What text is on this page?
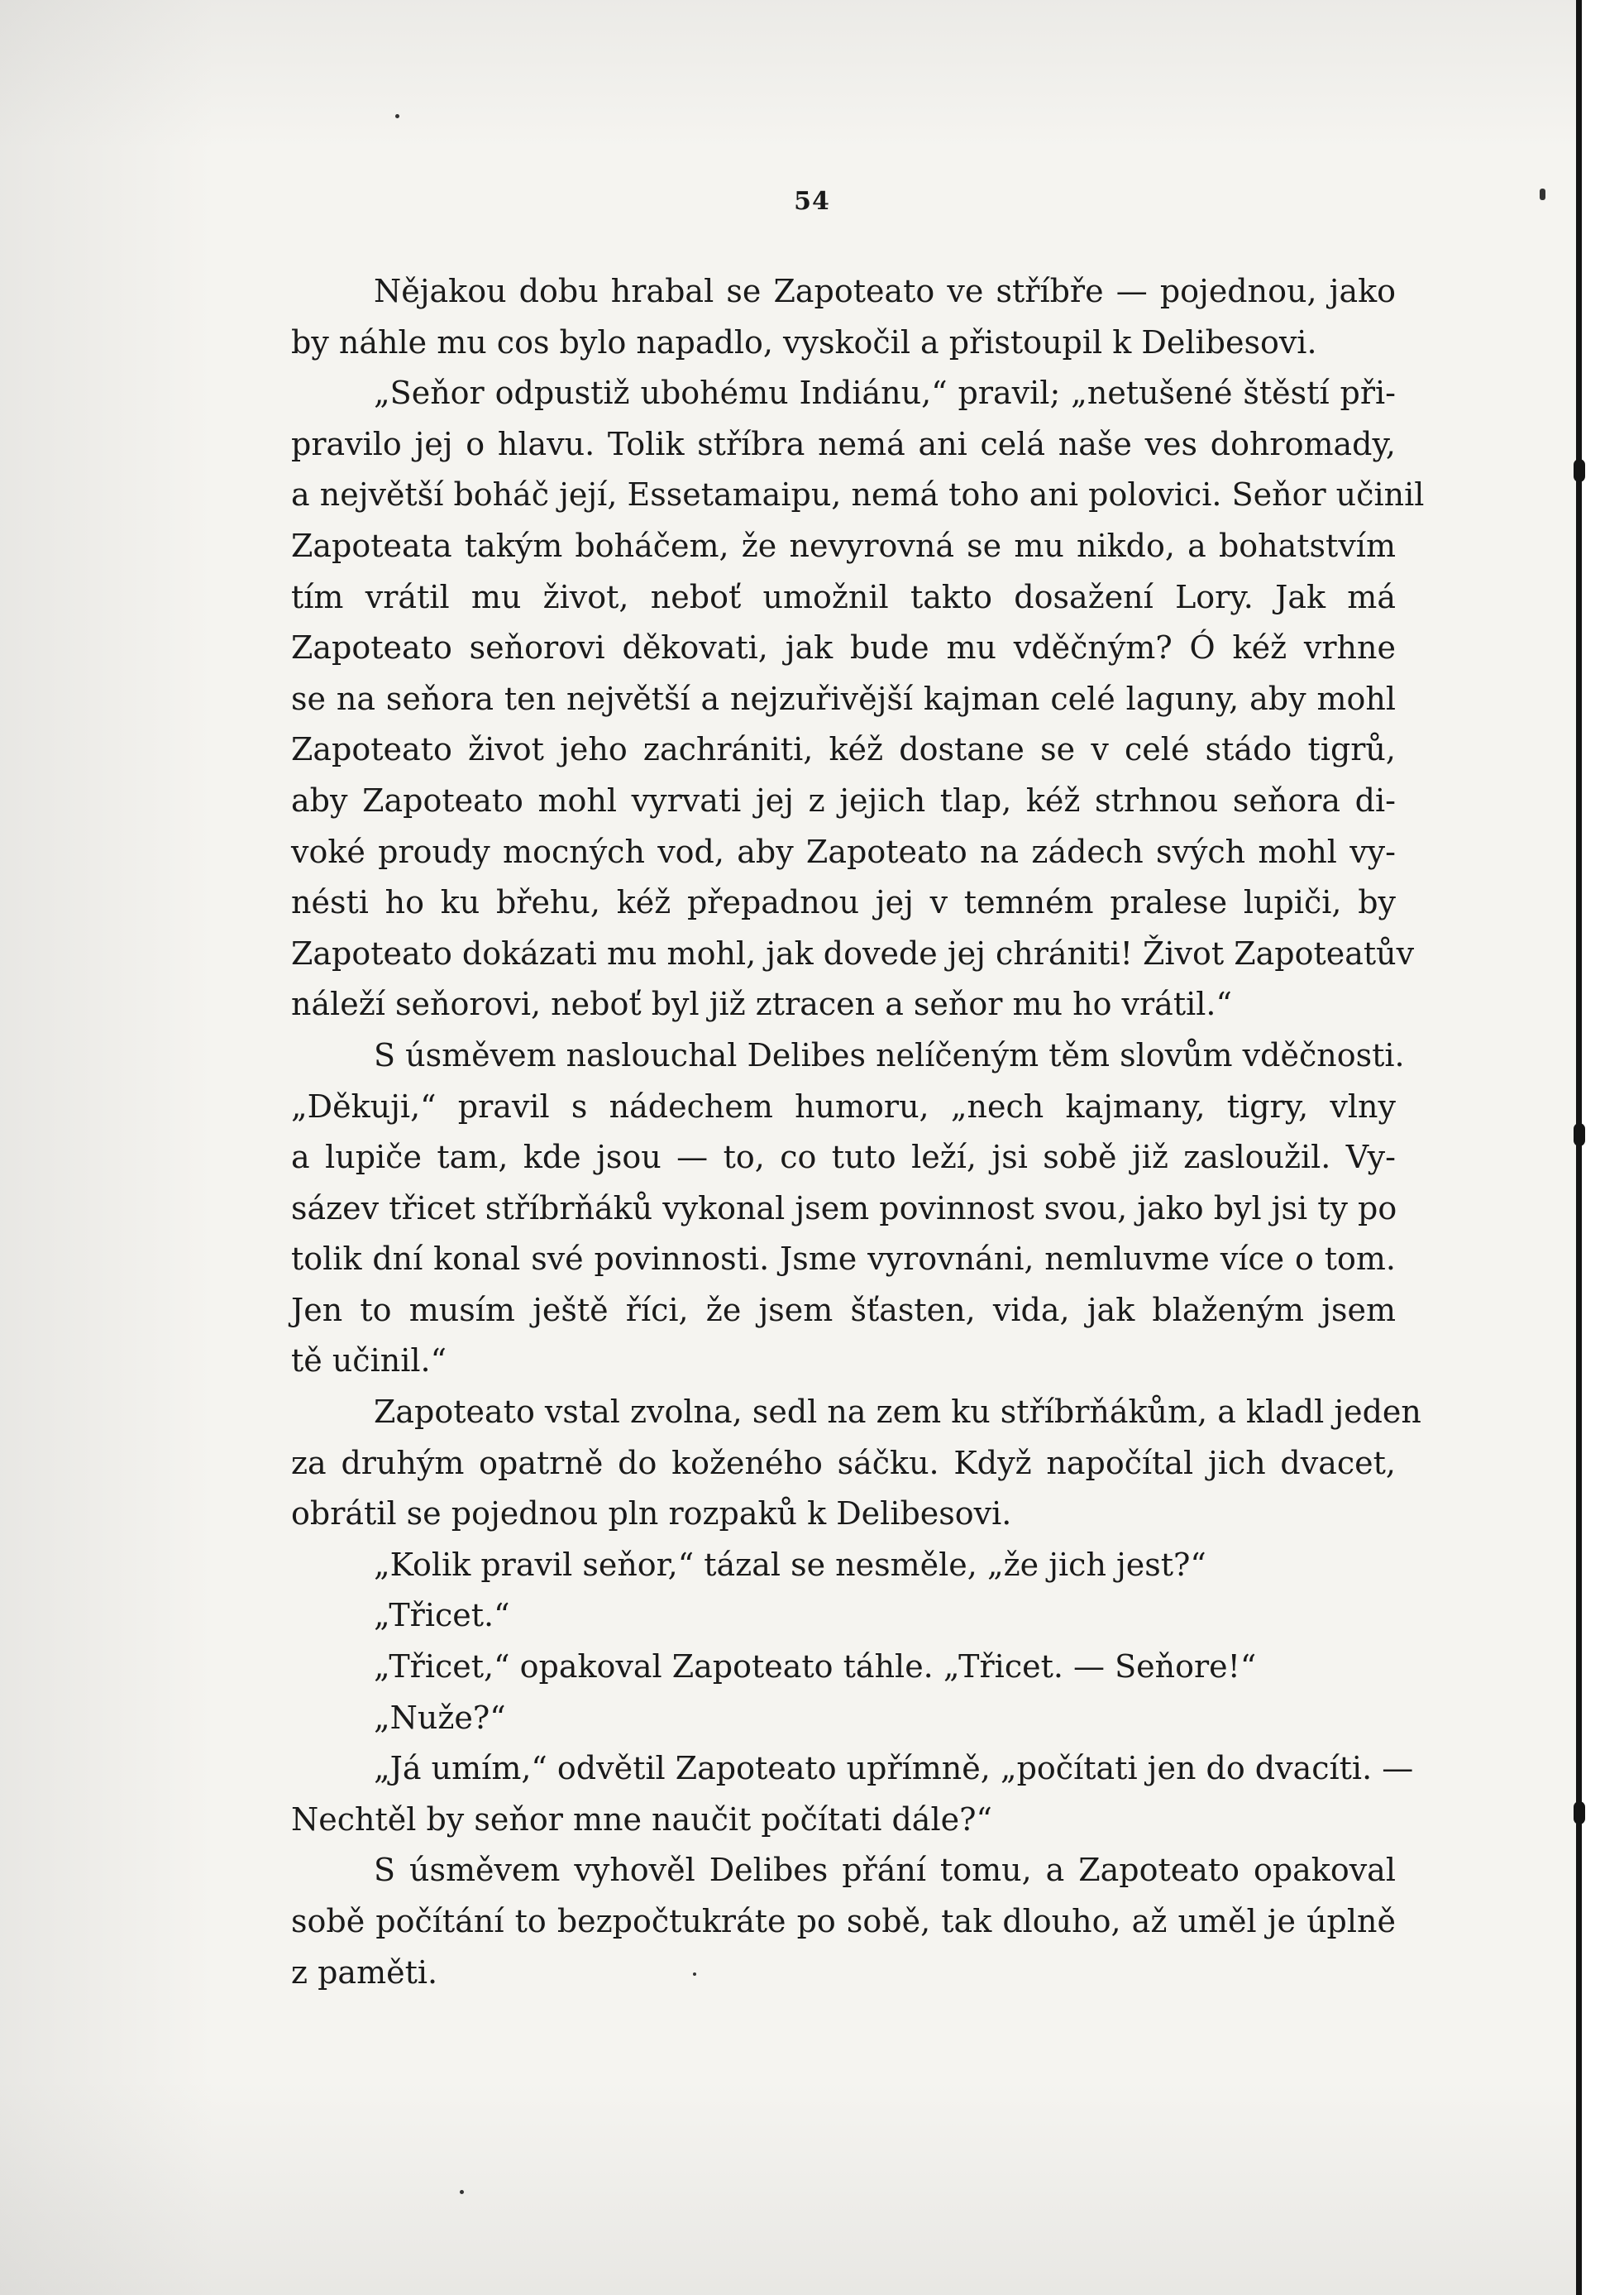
54
Nějakou dobu hrabal se Zapoteato ve stříbře — pojednou, jako
by náhle mu cos bylo napadlo, vyskočil a přistoupil k Delibesovi.
„Seňor odpustiž ubohému Indiánu,“ pravil; „netušené štěstí při-
pravilo jej o hlavu. Tolik stříbra nemá ani celá naše ves dohromady,
a největší boháč její, Essetamaipu, nemá toho ani polovici. Seňor učinil
Zapoteata takým boháčem, že nevyrovná se mu nikdo, a bohatstvím
tím vrátil mu život, neboť umožnil takto dosažení Lory. Jak má
Zapoteato seňorovi děkovati, jak bude mu vděčným? Ó kéž vrhne
se na seňora ten největší a nejzuřivější kajman celé laguny, aby mohl
Zapoteato život jeho zachrániti, kéž dostane se v celé stádo tigrů,
aby Zapoteato mohl vyrvati jej z jejich tlap, kéž strhnou seňora di-
voké proudy mocných vod, aby Zapoteato na zádech svých mohl vy-
nésti ho ku břehu, kéž přepadnou jej v temném pralese lupiči, by
Zapoteato dokázati mu mohl, jak dovede jej chrániti! Život Zapoteatův
náleží seňorovi, neboť byl již ztracen a seňor mu ho vrátil.“
S úsměvem naslouchal Delibes nelíčeným těm slovům vděčnosti.
„Děkuji,“ pravil s nádechem humoru, „nech kajmany, tigry, vlny
a lupiče tam, kde jsou — to, co tuto leží, jsi sobě již zasloužil. Vy-
sázev třicet stříbrňáků vykonal jsem povinnost svou, jako byl jsi ty po
tolik dní konal své povinnosti. Jsme vyrovnáni, nemluvme více o tom.
Jen to musím ještě říci, že jsem šťasten, vida, jak blaženým jsem
tě učinil.“
Zapoteato vstal zvolna, sedl na zem ku stříbrňákům, a kladl jeden
za druhým opatrně do koženého sáčku. Když napočítal jich dvacet,
obrátil se pojednou pln rozpaků k Delibesovi.
„Kolik pravil seňor,“ tázal se nesměle, „že jich jest?“
„Třicet.“
„Třicet,“ opakoval Zapoteato táhle. „Třicet. — Seňore!“
„Nuže?“
„Já umím,“ odvětil Zapoteato upřímně, „počítati jen do dvacíti. —
Nechtěl by seňor mne naučit počítati dále?“
S úsměvem vyhověl Delibes přání tomu, a Zapoteato opakoval
sobě počítání to bezpočtukráte po sobě, tak dlouho, až uměl je úplně
z paměti.
